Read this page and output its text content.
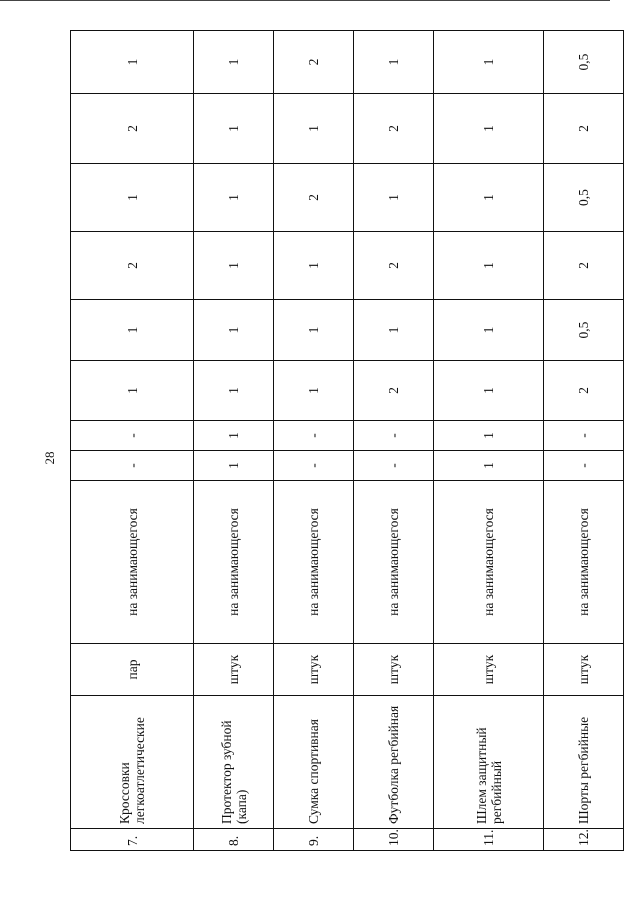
28
7.	Кроссовки легкоатлетические	пар	на занимающегося	-	-	1	1	2	1	2	1
8.	Протектор зубной (капа)	штук	на занимающегося	1	1	1	1	1	1	1	1
9.	Сумка спортивная	штук	на занимающегося	-	-	1	1	1	2	1	2
10.	Футболка регбийная	штук	на занимающегося	-	-	2	1	2	1	2	1
11.	Шлем защитный регбийный	штук	на занимающегося	1	1	1	1	1	1	1	1
12.	Шорты регбийные	штук	на занимающегося	-	-	2	0,5	2	0,5	2	0,5
